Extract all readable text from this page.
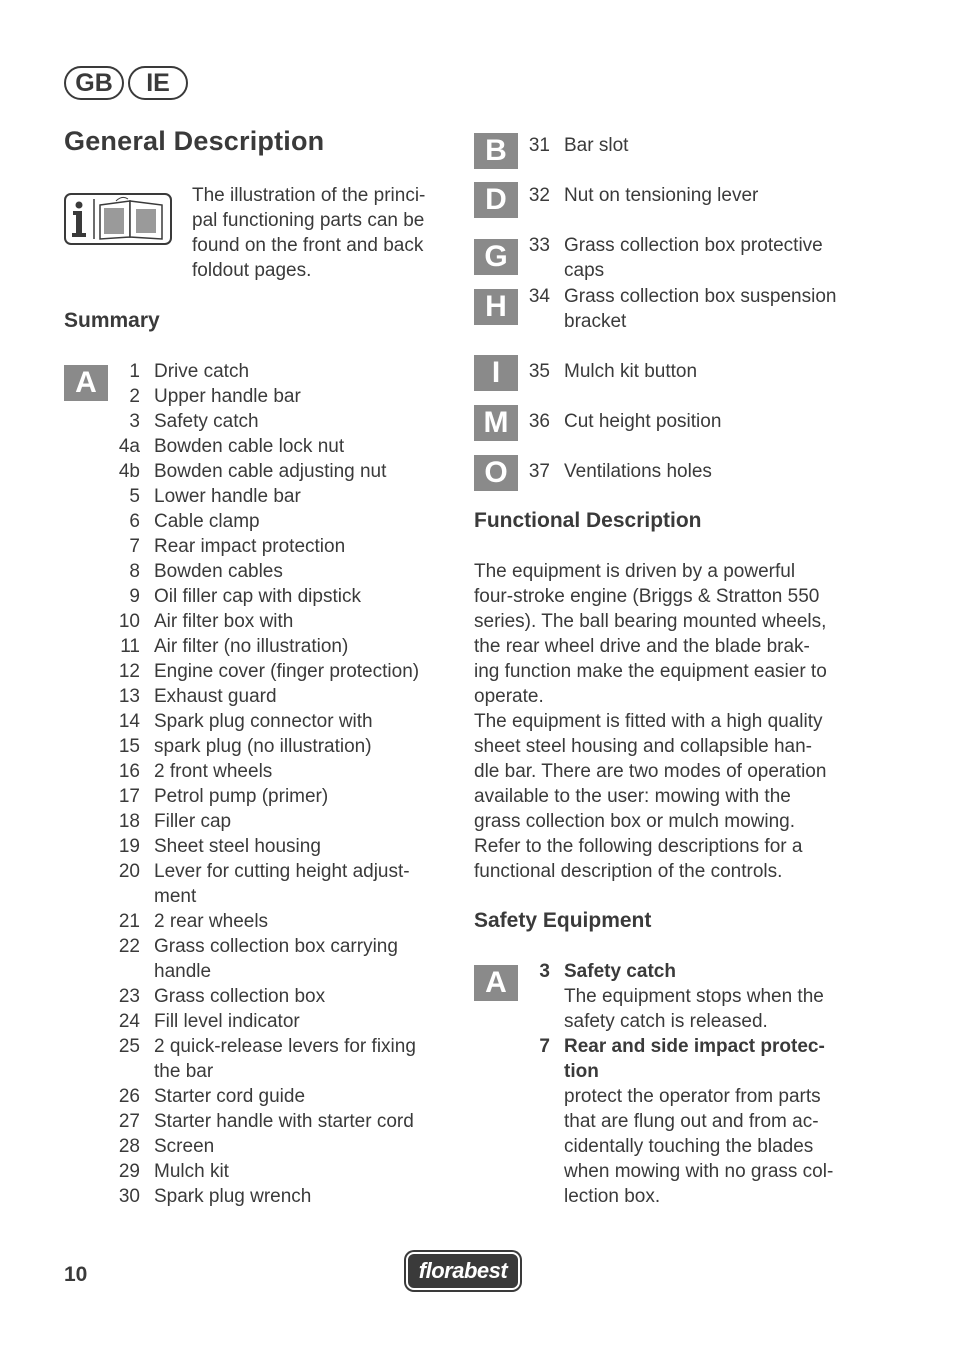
GB	IE
General Description
The illustration of the princi-
pal functioning parts can be
found on the front and back
foldout pages.
Summary
A	1 Drive catch
2 Upper handle bar
3 Safety catch
4a Bowden cable lock nut
4b Bowden cable adjusting nut
5 Lower handle bar
6 Cable clamp
7 Rear impact protection
8 Bowden cables
9 Oil filler cap with dipstick
10 Air filter box with
11 Air filter (no illustration)
12 Engine cover (finger protection)
13 Exhaust guard
14 Spark plug connector with
15 spark plug (no illustration)
16 2 front wheels
17 Petrol pump (primer)
18 Filler cap
19 Sheet steel housing
20 Lever for cutting height adjust-
ment
21 2 rear wheels
22 Grass collection box carrying
handle
23 Grass collection box
24 Fill level indicator
25 2 quick-release levers for fixing
the bar
26 Starter cord guide
27 Starter handle with starter cord
28 Screen
29 Mulch kit
30 Spark plug wrench
B	31 Bar slot
D	32 Nut on tensioning lever
G	33 Grass collection box protective
caps
H	34 Grass collection box suspension
bracket
I	35 Mulch kit button
M	36 Cut height position
O	37 Ventilations holes
Functional Description
The equipment is driven by a powerful
four-stroke engine (Briggs & Stratton 550
series). The ball bearing mounted wheels,
the rear wheel drive and the blade brak-
ing function make the equipment easier to
operate.
The equipment is fitted with a high quality
sheet steel housing and collapsible han-
dle bar. There are two modes of operation
available to the user: mowing with the
grass collection box or mulch mowing.
Refer to the following descriptions for a
functional description of the controls.
Safety Equipment
A	3 Safety catch
The equipment stops when the
safety catch is released.
7 Rear and side impact protec-
tion
protect the operator from parts
that are flung out and from ac-
cidentally touching the blades
when mowing with no grass col-
lection box.
10	florabest
